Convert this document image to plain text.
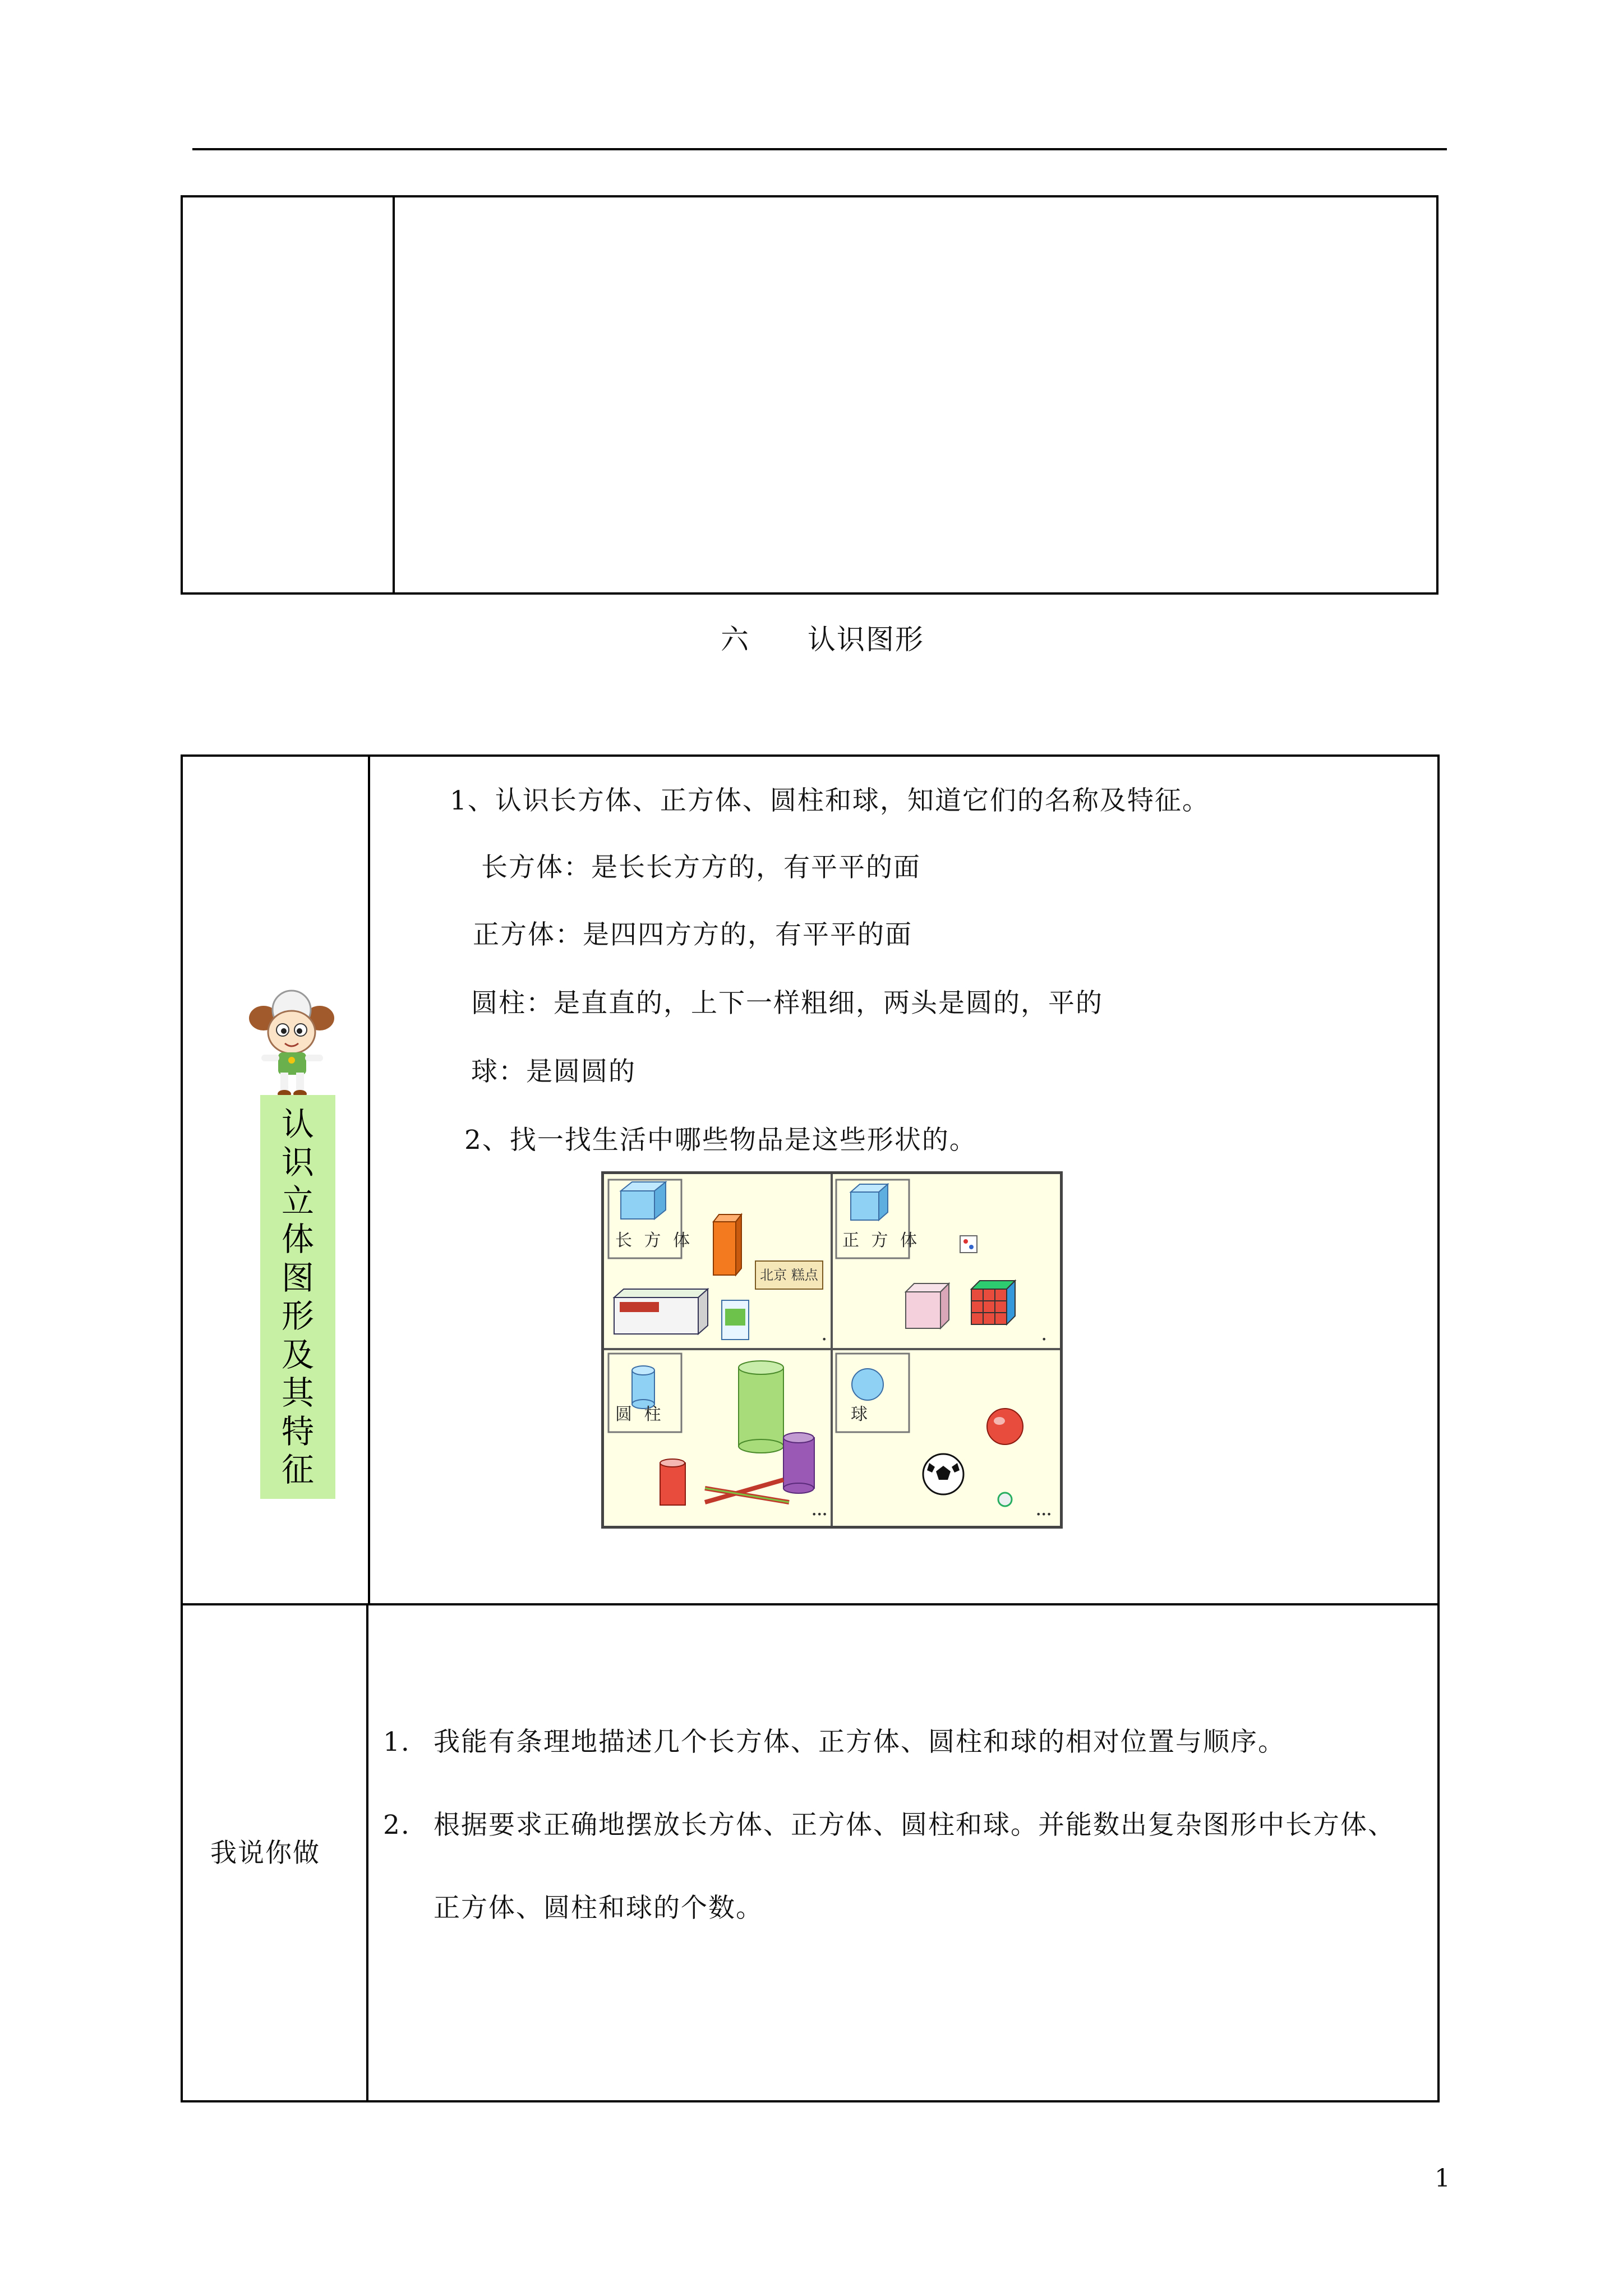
六 认识图形
认
识
立
体
图
形
及
其
特
征
1、认识长方体、正方体、圆柱和球，知道它们的名称及特征。
长方体：是长长方方的，有平平的面
正方体：是四四方方的，有平平的面
圆柱：是直直的，上下一样粗细，两头是圆的，平的
球：是圆圆的
2、找一找生活中哪些物品是这些形状的。
北京 糕点
•	•
•••	•••
长 方 体	正 方 体
圆 柱	球
我说你做
1. 我能有条理地描述几个长方体、正方体、圆柱和球的相对位置与顺序。
2. 根据要求正确地摆放长方体、正方体、圆柱和球。并能数出复杂图形中长方体、
正方体、圆柱和球的个数。
1
